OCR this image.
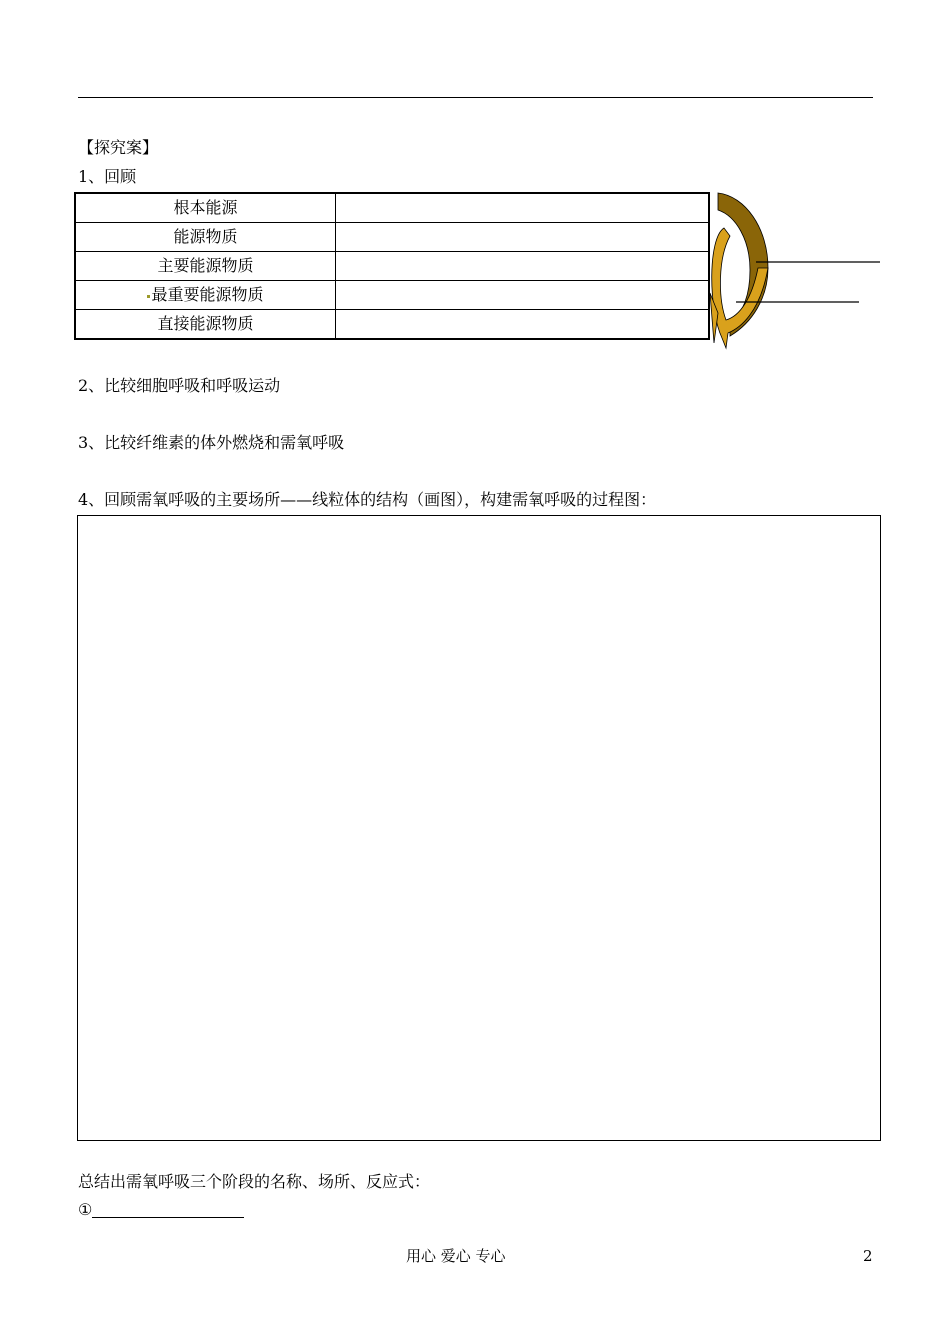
【探究案】
1、回顾
根本能源	
能源物质	
主要能源物质	
最重要能源物质	
直接能源物质	
2、比较细胞呼吸和呼吸运动
3、比较纤维素的体外燃烧和需氧呼吸
4、回顾需氧呼吸的主要场所——线粒体的结构（画图），构建需氧呼吸的过程图：
总结出需氧呼吸三个阶段的名称、场所、反应式：
①
用心 爱心 专心	2
